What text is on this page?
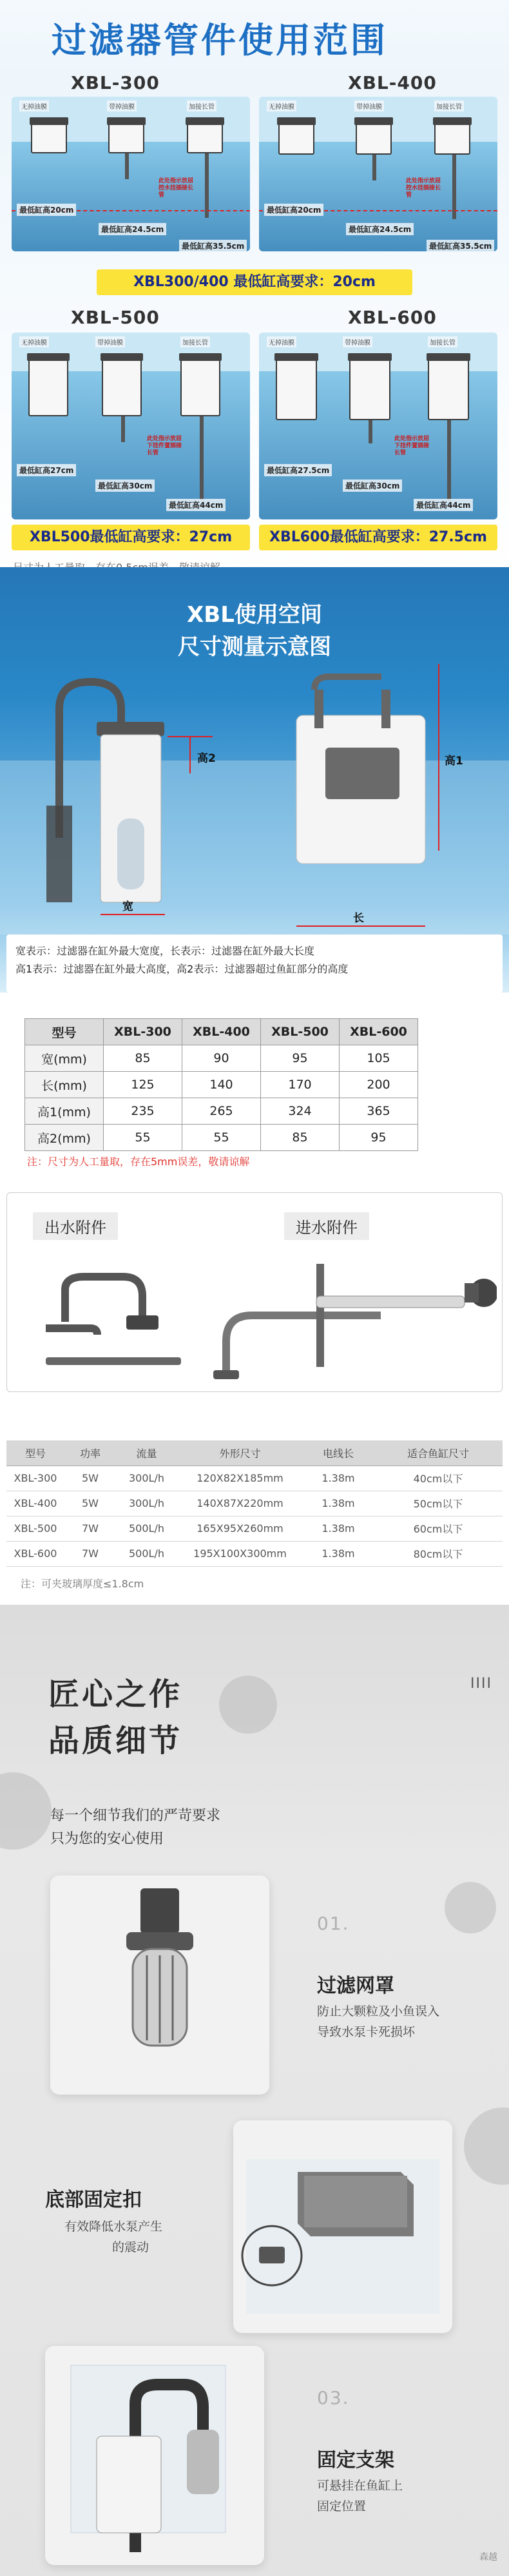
过滤器管件使用范围
XBL-300
无掉油膜	带掉油膜	加接长管
最低缸高20cm
最低缸高24.5cm
最低缸高35.5cm
此处指示放屈控水挂插接长管
XBL-400
无掉油膜	带掉油膜	加接长管
最低缸高20cm
最低缸高24.5cm
最低缸高35.5cm
此处指示放屈控水挂插接长管
XBL300/400 最低缸高要求：20cm
XBL-500
无掉油膜	带掉油膜	加接长管
最低缸高27cm
最低缸高30cm
最低缸高44cm
此处指示放屈下挂件置插接长管
XBL-600
无掉油膜	带掉油膜	加接长管
最低缸高27.5cm
最低缸高30cm
最低缸高44cm
此处指示放屈下挂件置插接长管
XBL500最低缸高要求：27cm	XBL600最低缸高要求：27.5cm
XBL使用空间
尺寸测量示意图
高2
宽
高1
长

宽表示：过滤器在缸外最大宽度，长表示：过滤器在缸外最大长度

高1表示：过滤器在缸外最大高度，高2表示：过滤器超过鱼缸部分的高度

型号	XBL-300	XBL-400	XBL-500	XBL-600
宽(mm)	85	90	95	105
长(mm)	125	140	170	200
高1(mm)	235	265	324	365
高2(mm)	55	55	85	95
注：尺寸为人工量取，存在5mm误差，敬请谅解
出水附件	进水附件
型号	功率	流量	外形尺寸	电线长	适合鱼缸尺寸
XBL-300	5W	300L/h	120X82X185mm	1.38m	40cm以下
XBL-400	5W	300L/h	140X87X220mm	1.38m	50cm以下
XBL-500	7W	500L/h	165X95X260mm	1.38m	60cm以下
XBL-600	7W	500L/h	195X100X300mm	1.38m	80cm以下
注：可夹玻璃厚度≤1.8cm
匠心之作
品质细节
IIII
每一个细节我们的严苛要求
只为您的安心使用
01.
过滤网罩
防止大颗粒及小鱼误入
导致水泵卡死损坏
底部固定扣
有效降低水泵产生
的震动
03.
固定支架
可悬挂在鱼缸上
固定位置
森越
